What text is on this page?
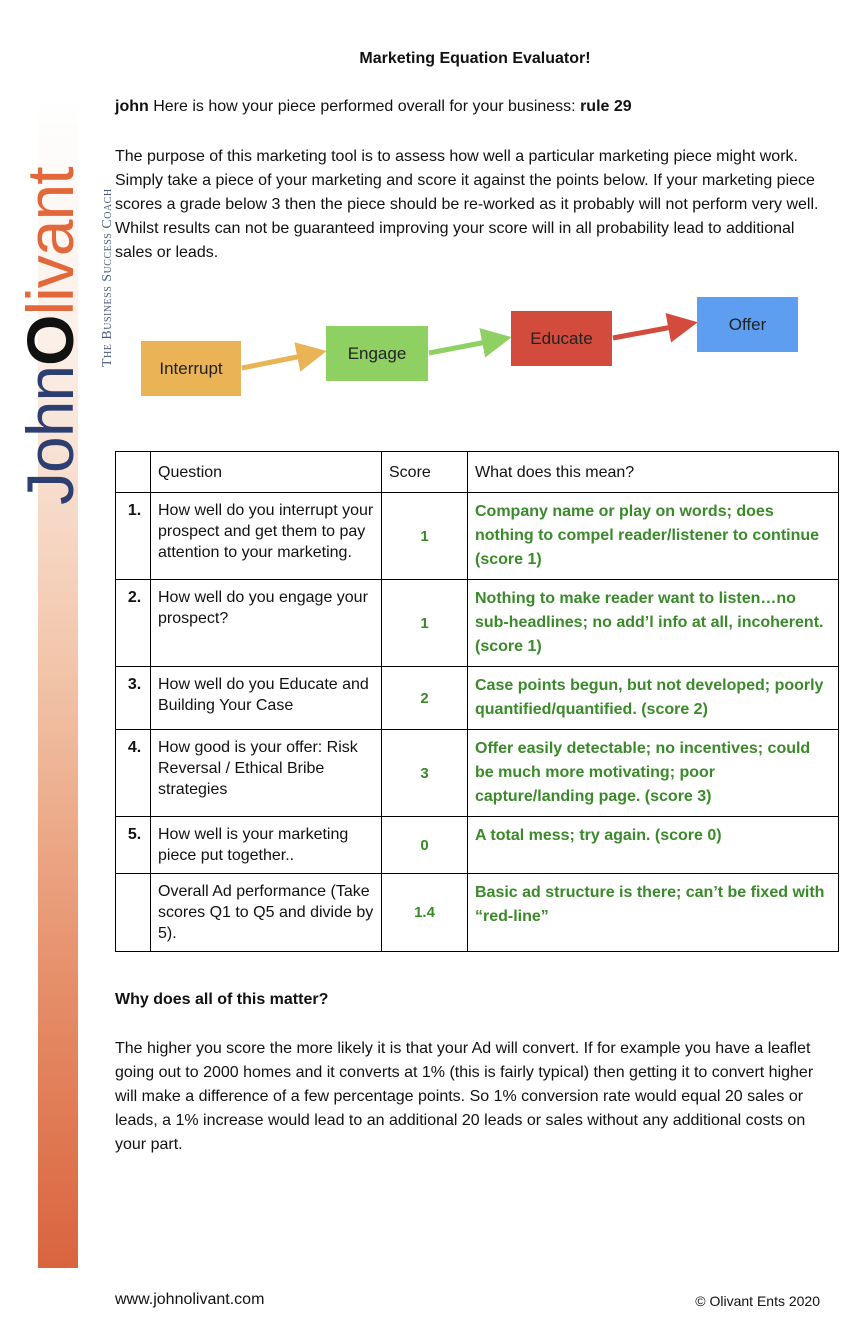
JohnOlivant The Business Success Coach
Marketing Equation Evaluator!
john Here is how your piece performed overall for your business: rule 29
The purpose of this marketing tool is to assess how well a particular marketing piece might work. Simply take a piece of your marketing and score it against the points below. If your marketing piece scores a grade below 3 then the piece should be re-worked as it probably will not perform very well. Whilst results can not be guaranteed improving your score will in all probability lead to additional sales or leads.
Interrupt
Engage
Educate
Offer
	Question	Score	What does this mean?
1.	How well do you interrupt your prospect and get them to pay attention to your marketing.	1	Company name or play on words; does nothing to compel reader/listener to continue (score 1)
2.	How well do you engage your prospect?	1	Nothing to make reader want to listen…no sub-headlines; no add’l info at all, incoherent. (score 1)
3.	How well do you Educate and Building Your Case	2	Case points begun, but not developed; poorly quantified/quantified. (score 2)
4.	How good is your offer: Risk Reversal / Ethical Bribe strategies	3	Offer easily detectable; no incentives; could be much more motivating; poor capture/landing page. (score 3)
5.	How well is your marketing piece put together..	0	A total mess; try again. (score 0)
	Overall Ad performance (Take scores Q1 to Q5 and divide by 5).	1.4	Basic ad structure is there; can’t be fixed with “red-line”
Why does all of this matter?
The higher you score the more likely it is that your Ad will convert. If for example you have a leaflet going out to 2000 homes and it converts at 1% (this is fairly typical) then getting it to convert higher will make a difference of a few percentage points. So 1% conversion rate would equal 20 sales or leads, a 1% increase would lead to an additional 20 leads or sales without any additional costs on your part.
www.johnolivant.com	© Olivant Ents 2020
